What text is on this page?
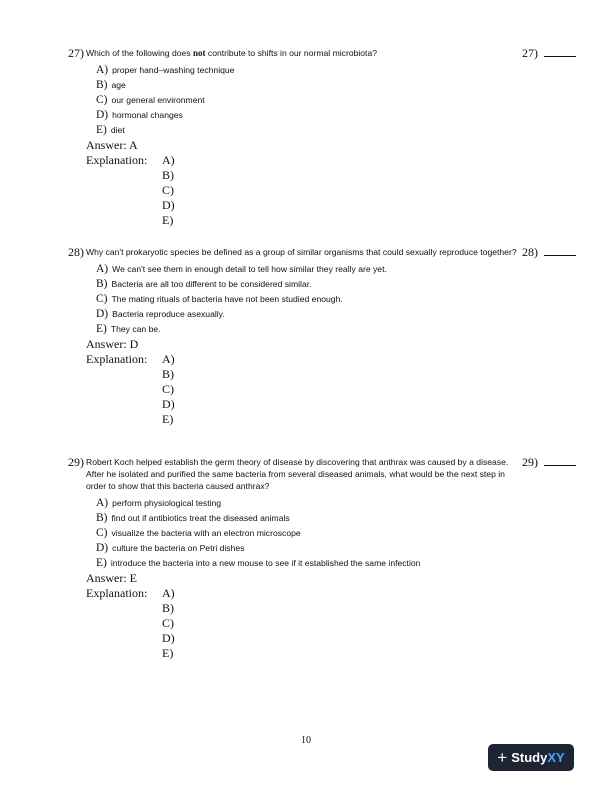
27) Which of the following does not contribute to shifts in our normal microbiota?
A) proper hand–washing technique
B) age
C) our general environment
D) hormonal changes
E) diet
Answer: A
Explanation: A)
B)
C)
D)
E)
27)
28) Why can't prokaryotic species be defined as a group of similar organisms that could sexually reproduce together?
A) We can't see them in enough detail to tell how similar they really are yet.
B) Bacteria are all too different to be considered similar.
C) The mating rituals of bacteria have not been studied enough.
D) Bacteria reproduce asexually.
E) They can be.
Answer: D
Explanation: A)
B)
C)
D)
E)
28)
29) Robert Koch helped establish the germ theory of disease by discovering that anthrax was caused by a disease. After he isolated and purified the same bacteria from several diseased animals, what would be the next step in order to show that this bacteria caused anthrax?
A) perform physiological testing
B) find out if antibiotics treat the diseased animals
C) visualize the bacteria with an electron microscope
D) culture the bacteria on Petri dishes
E) introduce the bacteria into a new mouse to see if it established the same infection
Answer: E
Explanation: A)
B)
C)
D)
E)
29)
10
+ Study XY
